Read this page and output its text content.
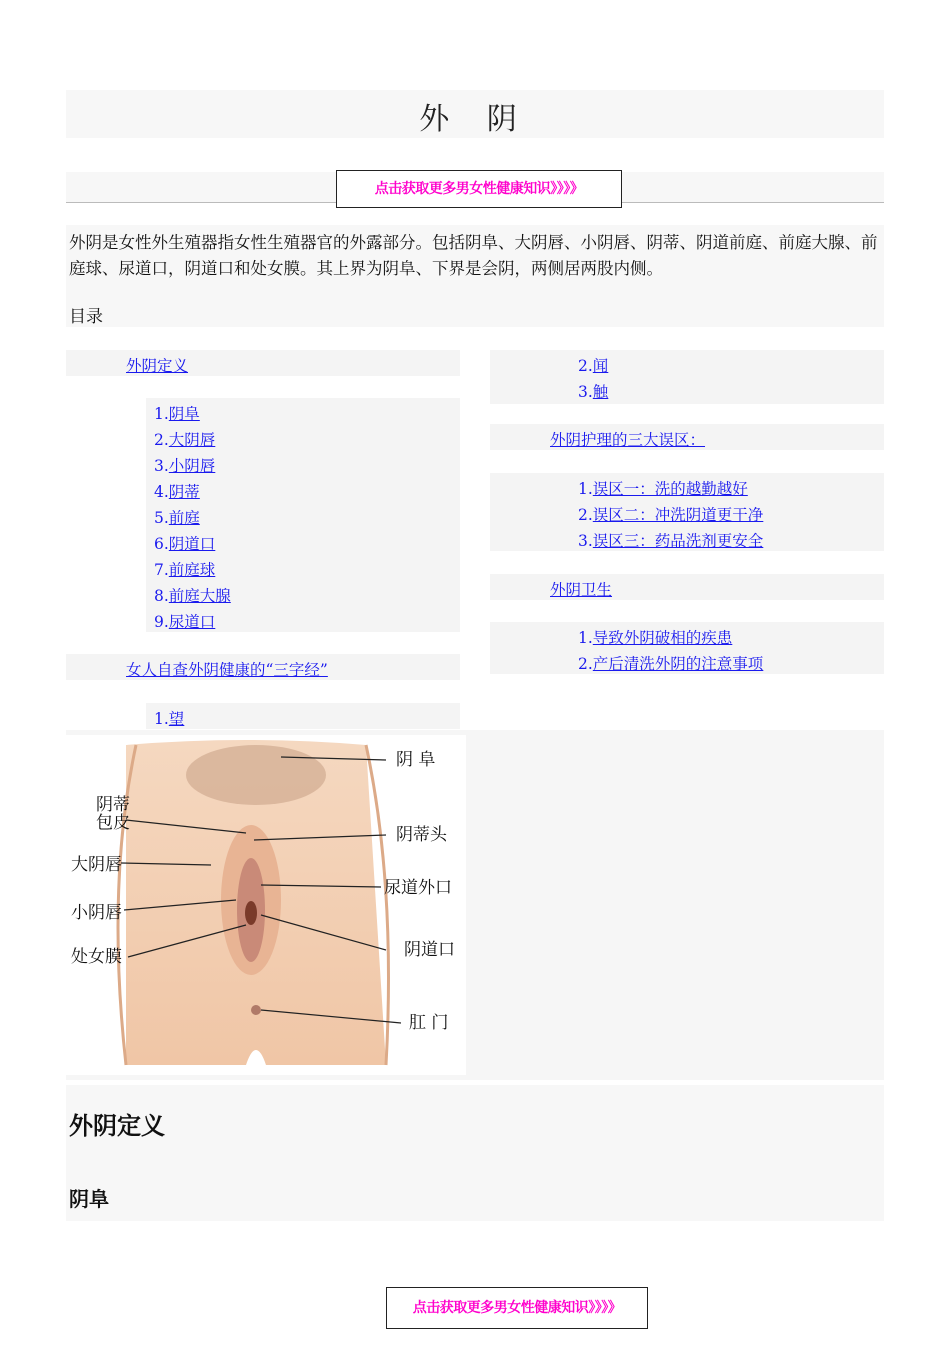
外 阴
点击获取更多男女性健康知识》》》》

外阴是女性外生殖器指女性生殖器官的外露部分。包括阴阜、大阴唇、小阴唇、阴蒂、阴道前庭、前庭大腺、前庭球、尿道口，阴道口和处女膜。其上界为阴阜、下界是会阴，两侧居两股内侧。

目录
外阴定义
1.阴阜
2.大阴唇
3.小阴唇
4.阴蒂
5.前庭
6.阴道口
7.前庭球
8.前庭大腺
9.尿道口
女人自查外阴健康的“三字经”
1.望
2.闻
3.触
外阴护理的三大误区：
1.误区一：洗的越勤越好
2.误区二：冲洗阴道更干净
3.误区三：药品洗剂更安全
外阴卫生
1.导致外阴破相的疾患
2.产后清洗外阴的注意事项
阴 阜
阴蒂包皮
阴蒂头
大阴唇
尿道外口
小阴唇
处女膜	阴道口
肛 门
外阴定义
阴阜
点击获取更多男女性健康知识》》》》
